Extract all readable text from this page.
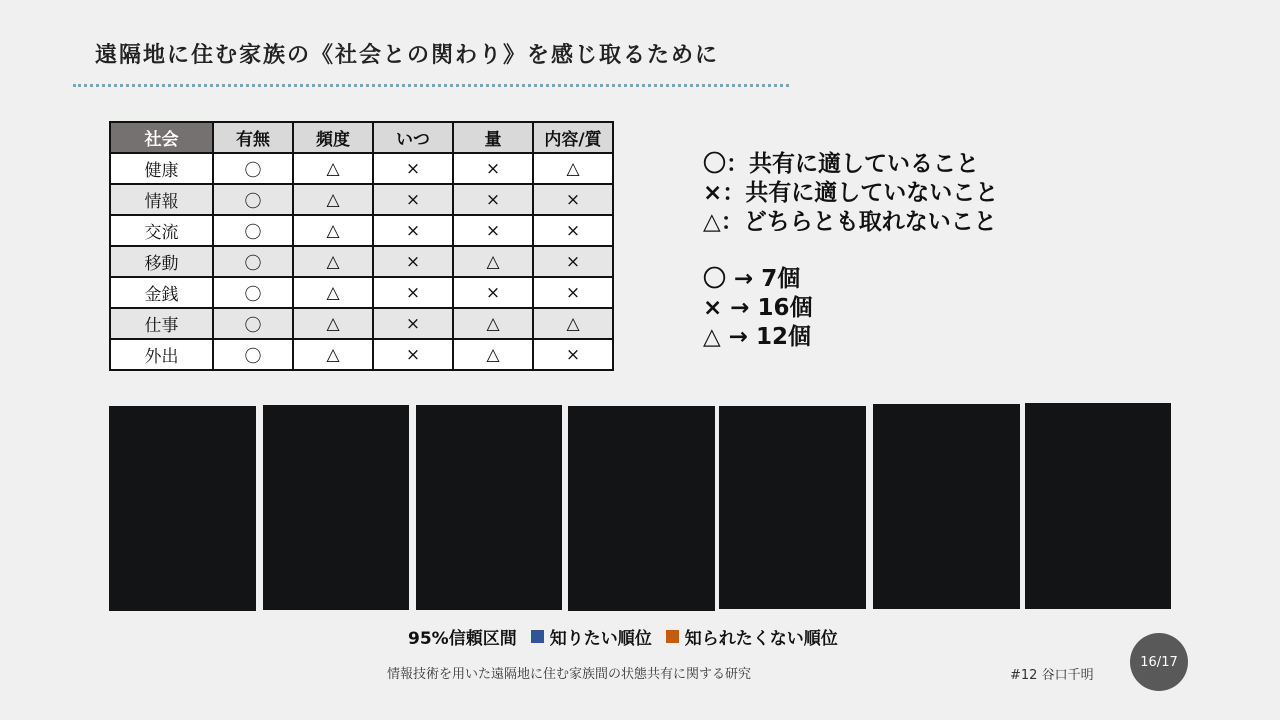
遠隔地に住む家族の《社会との関わり》を感じ取るために
社会	有無	頻度	いつ	量	内容/質
健康	〇	△	×	×	△
情報	〇	△	×	×	×
交流	〇	△	×	×	×
移動	〇	△	×	△	×
金銭	〇	△	×	×	×
仕事	〇	△	×	△	△
外出	〇	△	×	△	×
〇：共有に適していること
×：共有に適していないこと
△：どちらとも取れないこと
〇 → 7個
× → 16個
△ → 12個
95%信頼区間 知りたい順位 知られたくない順位
情報技術を用いた遠隔地に住む家族間の状態共有に関する研究	#12 谷口千明
16/17
